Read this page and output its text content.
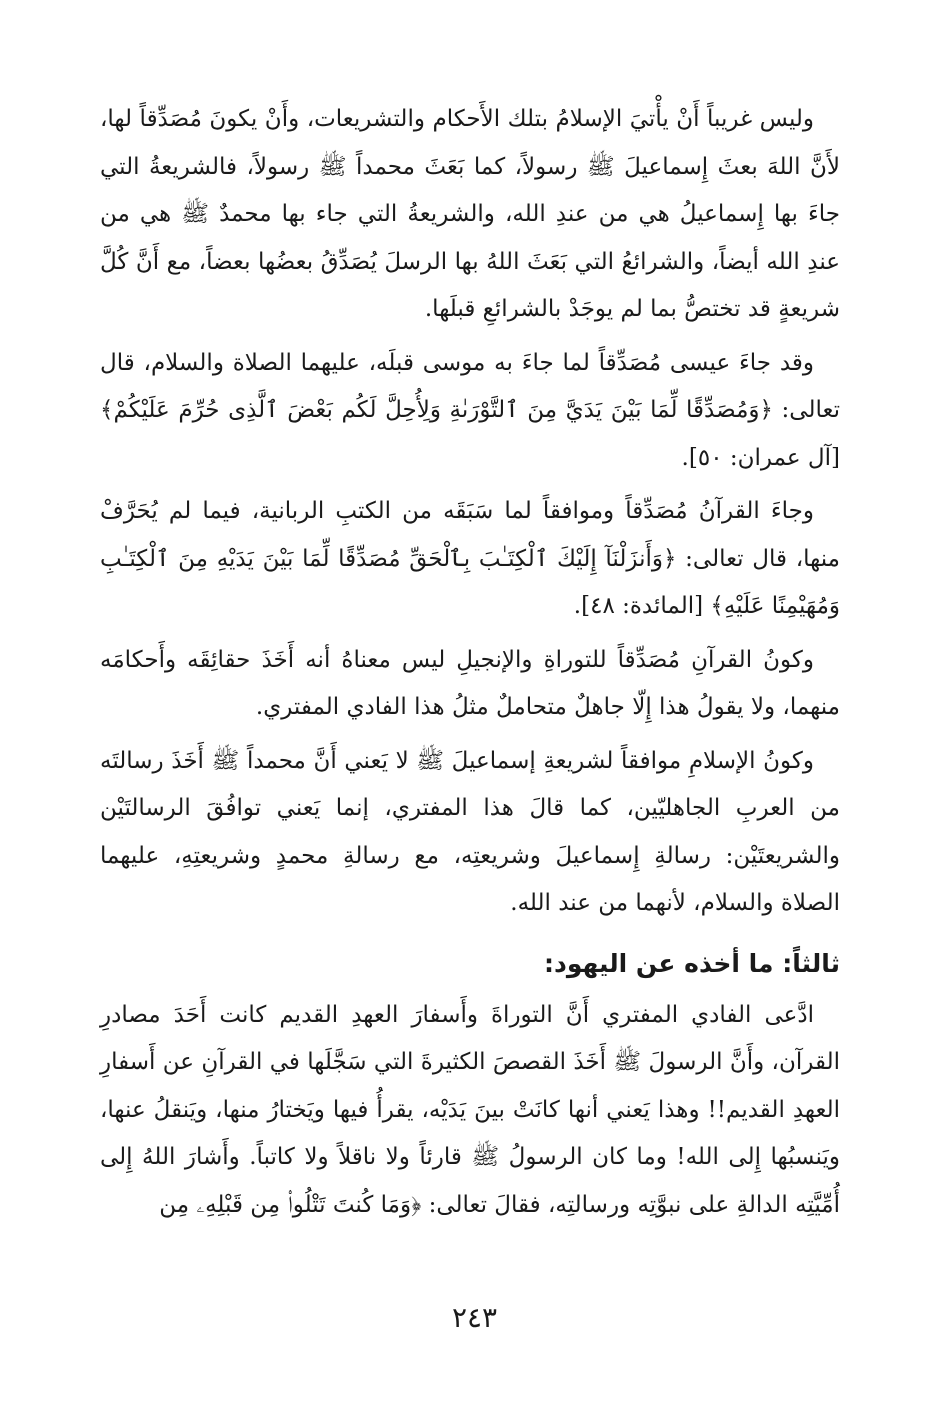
وليس غريباً أَنْ يأْتيَ الإسلامُ بتلك الأَحكام والتشريعات، وأَنْ يكونَ مُصَدِّقاً لها، لأَنَّ اللهَ بعثَ إِسماعيلَ ﷺ رسولاً، كما بَعَثَ محمداً ﷺ رسولاً، فالشريعةُ التي جاءَ بها إِسماعيلُ هي من عندِ الله، والشريعةُ التي جاء بها محمدٌ ﷺ هي من عندِ الله أيضاً، والشرائعُ التي بَعَثَ اللهُ بها الرسلَ يُصَدِّقُ بعضُها بعضاً، مع أَنَّ كُلَّ شريعةٍ قد تختصُّ بما لم يوجَدْ بالشرائعِ قبلَها.

وقد جاءَ عيسى مُصَدِّقاً لما جاءَ به موسى قبلَه، عليهما الصلاة والسلام، قال تعالى: ﴿وَمُصَدِّقًا لِّمَا بَيْنَ يَدَيَّ مِنَ ٱلتَّوْرَىٰةِ وَلِأُحِلَّ لَكُم بَعْضَ ٱلَّذِى حُرِّمَ عَلَيْكُمْ﴾ [آل عمران: ٥٠].

وجاءَ القرآنُ مُصَدِّقاً وموافقاً لما سَبَقَه من الكتبِ الربانية، فيما لم يُحَرَّفْ منها، قال تعالى: ﴿وَأَنزَلْنَآ إِلَيْكَ ٱلْكِتَـٰبَ بِٱلْحَقِّ مُصَدِّقًا لِّمَا بَيْنَ يَدَيْهِ مِنَ ٱلْكِتَـٰبِ وَمُهَيْمِنًا عَلَيْهِ﴾ [المائدة: ٤٨].

وكونُ القرآنِ مُصَدِّقاً للتوراةِ والإنجيلِ ليس معناهُ أنه أَخَذَ حقائِقَه وأَحكامَه منهما، ولا يقولُ هذا إِلّا جاهلٌ متحاملٌ مثلُ هذا الفادي المفتري.

وكونُ الإسلامِ موافقاً لشريعةِ إسماعيلَ ﷺ لا يَعني أَنَّ محمداً ﷺ أَخَذَ رسالتَه من العربِ الجاهليّين، كما قالَ هذا المفتري، إنما يَعني توافُقَ الرسالتَيْن والشريعتَيْن: رسالةِ إِسماعيلَ وشريعتِه، مع رسالةِ محمدٍ وشريعتِهِ، عليهما الصلاة والسلام، لأنهما من عند الله.

ثالثاً: ما أخذه عن اليهود:

ادَّعى الفادي المفتري أَنَّ التوراةَ وأَسفارَ العهدِ القديم كانت أَحَدَ مصادرِ القرآن، وأَنَّ الرسولَ ﷺ أَخَذَ القصصَ الكثيرةَ التي سَجَّلَها في القرآنِ عن أَسفارِ العهدِ القديم!! وهذا يَعني أنها كانَتْ بينَ يَدَيْه، يقرأُ فيها ويَختارُ منها، ويَنقلُ عنها، ويَنسبُها إِلى الله! وما كان الرسولُ ﷺ قارئاً ولا ناقلاً ولا كاتباً. وأَشارَ اللهُ إِلى أُمِّيَّتِه الدالةِ على نبوَّتِه ورسالتِه، فقالَ تعالى: ﴿وَمَا كُنتَ تَتْلُوا۟ مِن قَبْلِهِۦ مِن

٢٤٣
